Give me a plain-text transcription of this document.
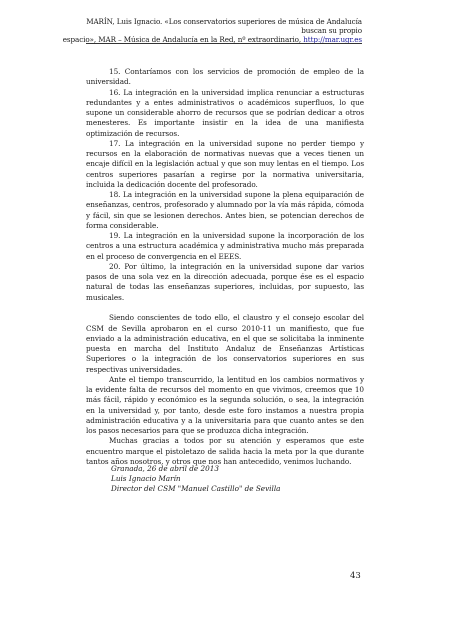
MARÍN, Luis Ignacio. «Los conservatorios superiores de música de Andalucía buscan su propio
espacio», MAR – Música de Andalucía en la Red, nº extraordinario, http://mar.ugr.es

15. Contaríamos con los servicios de promoción de empleo de la universidad.

16. La integración en la universidad implica renunciar a estructuras redundantes y a entes administrativos o académicos superfluos, lo que supone un considerable ahorro de recursos que se podrían dedicar a otros menesteres. Es importante insistir en la idea de una manifiesta optimización de recursos.

17. La integración en la universidad supone no perder tiempo y recursos en la elaboración de normativas nuevas que a veces tienen un encaje difícil en la legislación actual y que son muy lentas en el tiempo. Los centros superiores pasarían a regirse por la normativa universitaria, incluida la dedicación docente del profesorado.

18. La integración en la universidad supone la plena equiparación de enseñanzas, centros, profesorado y alumnado por la vía más rápida, cómoda y fácil, sin que se lesionen derechos. Antes bien, se potencian derechos de forma considerable.

19. La integración en la universidad supone la incorporación de los centros a una estructura académica y administrativa mucho más preparada en el proceso de convergencia en el EEES.

20. Por último, la integración en la universidad supone dar varios pasos de una sola vez en la dirección adecuada, porque ése es el espacio natural de todas las enseñanzas superiores, incluidas, por supuesto, las musicales.

Siendo conscientes de todo ello, el claustro y el consejo escolar del CSM de Sevilla aprobaron en el curso 2010-11 un manifiesto, que fue enviado a la administración educativa, en el que se solicitaba la inminente puesta en marcha del Instituto Andaluz de Enseñanzas Artísticas Superiores o la integración de los conservatorios superiores en sus respectivas universidades.

Ante el tiempo transcurrido, la lentitud en los cambios normativos y la evidente falta de recursos del momento en que vivimos, creemos que 10 más fácil, rápido y económico es la segunda solución, o sea, la integración en la universidad y, por tanto, desde este foro instamos a nuestra propia administración educativa y a la universitaria para que cuanto antes se den los pasos necesarios para que se produzca dicha integración.

Muchas gracias a todos por su atención y esperamos que este encuentro marque el pistoletazo de salida hacia la meta por la que durante tantos años nosotros, y otros que nos han antecedido, venimos luchando.

Granada, 26 de abril de 2013
Luis Ignacio Marín
Director del CSM "Manuel Castillo" de Sevilla
43
